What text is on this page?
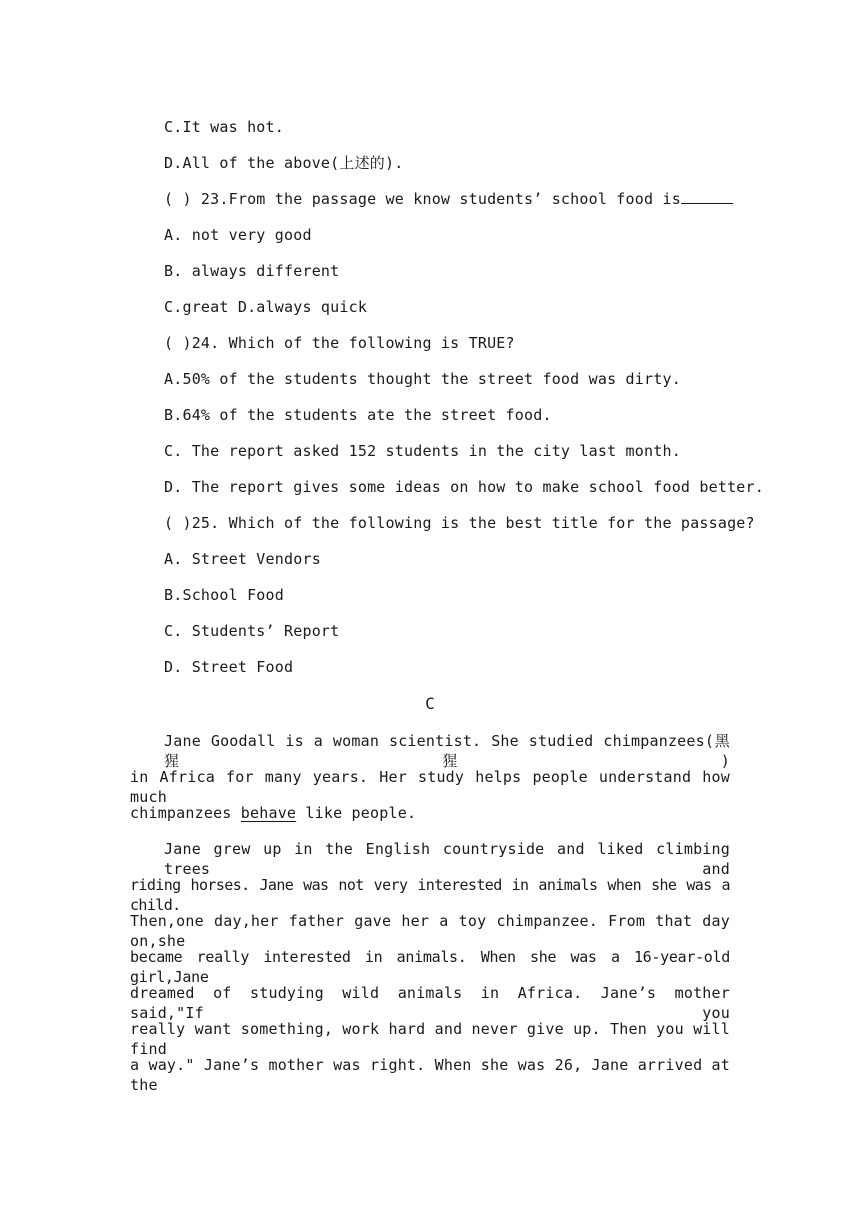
C.It was hot.
D.All of the above(上述的).
( ) 23.From the passage we know students’ school food is
A. not very good
B. always different
C.great D.always quick
( )24. Which of the following is TRUE?
A.50% of the students thought the street food was dirty.
B.64% of the students ate the street food.
C. The report asked 152 students in the city last month.
D. The report gives some ideas on how to make school food better.
( )25. Which of the following is the best title for the passage?
A. Street Vendors
B.School Food
C. Students’ Report
D. Street Food
C
Jane Goodall is a woman scientist. She studied chimpanzees(黑猩猩)
in Africa for many years. Her study helps people understand how much
chimpanzees behave like people.
Jane grew up in the English countryside and liked climbing trees and
riding horses. Jane was not very interested in animals when she was a child.
Then,one day,her father gave her a toy chimpanzee. From that day on,she
became really interested in animals. When she was a 16-year-old girl,Jane
dreamed of studying wild animals in Africa. Jane’s mother said,"If you
really want something, work hard and never give up. Then you will find
a way." Jane’s mother was right. When she was 26, Jane arrived at the
